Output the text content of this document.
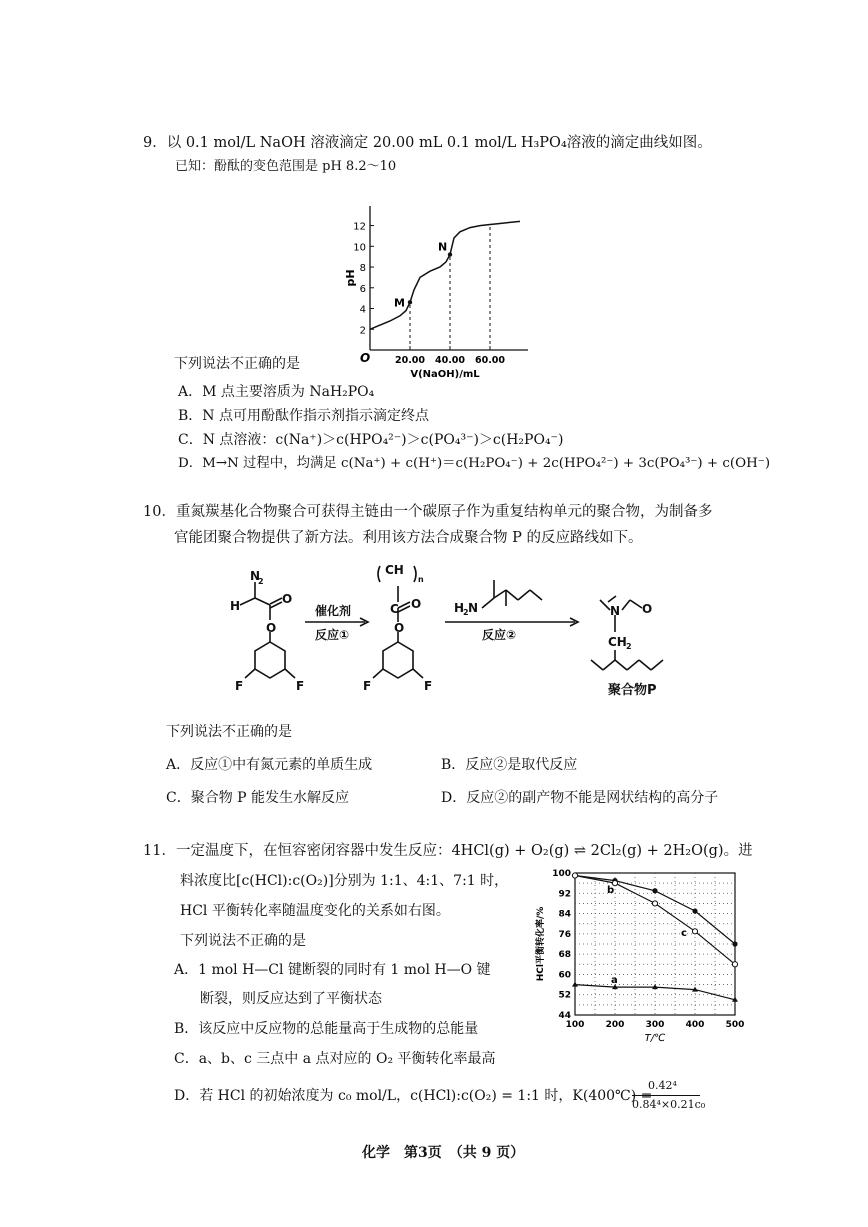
9．以 0.1 mol/L NaOH 溶液滴定 20.00 mL 0.1 mol/L H₃PO₄溶液的滴定曲线如图。
已知：酚酞的变色范围是 pH 8.2～10
2
4
6
8
10
12
20.00 40.00 60.00
O
pH
V(NaOH)/mL
M
N
下列说法不正确的是
A．M 点主要溶质为 NaH₂PO₄
B．N 点可用酚酞作指示剂指示滴定终点
C．N 点溶液：c(Na⁺)＞c(HPO₄²⁻)＞c(PO₄³⁻)＞c(H₂PO₄⁻)
D．M→N 过程中，均满足 c(Na⁺) + c(H⁺)＝c(H₂PO₄⁻) + 2c(HPO₄²⁻) + 3c(PO₄³⁻) + c(OH⁻)
10．重氮羰基化合物聚合可获得主链由一个碳原子作为重复结构单元的聚合物，为制备多
官能团聚合物提供了新方法。利用该方法合成聚合物 P 的反应路线如下。
N
2
H	O
O
F	F
CH
n
C O
O
F	F
H
2 N	N O
CH 2
催化剂
反应①	反应②
聚合物P
下列说法不正确的是
A．反应①中有氮元素的单质生成	B．反应②是取代反应
C．聚合物 P 能发生水解反应	D．反应②的副产物不能是网状结构的高分子
11．一定温度下，在恒容密闭容器中发生反应：4HCl(g) + O₂(g) ⇌ 2Cl₂(g) + 2H₂O(g)。进
料浓度比[c(HCl):c(O₂)]分别为 1:1、4:1、7:1 时，
HCl 平衡转化率随温度变化的关系如右图。
下列说法不正确的是
A．1 mol H—Cl 键断裂的同时有 1 mol H—O 键
断裂，则反应达到了平衡状态
B．该反应中反应物的总能量高于生成物的总能量
C．a、b、c 三点中 a 点对应的 O₂ 平衡转化率最高
D．若 HCl 的初始浓度为 c₀ mol/L，c(HCl):c(O₂) = 1:1 时，K(400℃) =
0.42⁴
0.84⁴×0.21c₀
44
52
60
68
76
84
92
100
100 200 300 400 500
a
b
c
HCl平衡转化率/%
T/℃
化学　第3页　（共 9 页）
